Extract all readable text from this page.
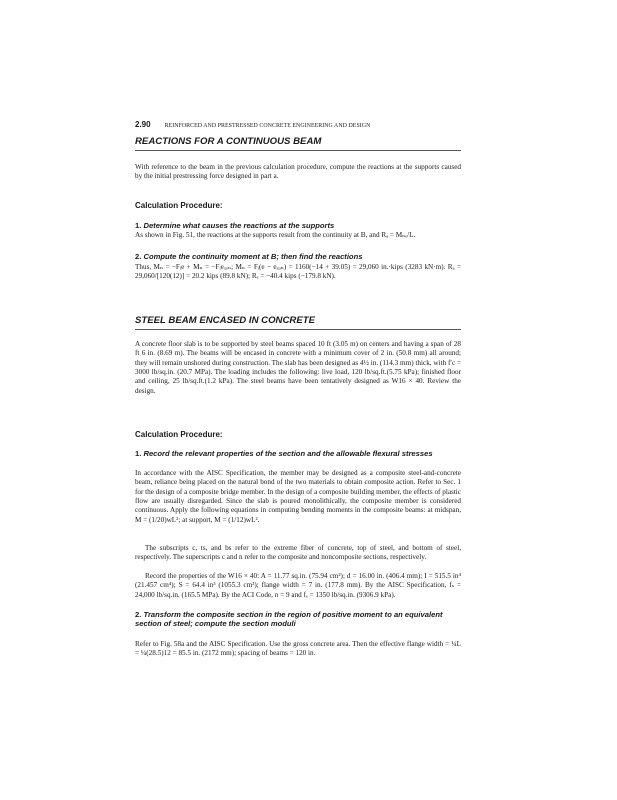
2.90 REINFORCED AND PRESTRESSED CONCRETE ENGINEERING AND DESIGN
REACTIONS FOR A CONTINUOUS BEAM

With reference to the beam in the previous calculation procedure, compute the reactions at the supports caused by the initial prestressing force designed in part a.

Calculation Procedure:
1. Determine what causes the reactions at the supports

As shown in Fig. 51, the reactions at the supports result from the continuity at B, and Rₐ = Mₙₑ/L.

2. Compute the continuity moment at B; then find the reactions

Thus, Mₙ = −Fᵢe + Mₙ = −Fᵢeₓₒₙ; Mₙ = Fᵢ(e − eₓₒₙ) = 1160(−14 + 39.05) = 29,060 in.·kips (3283 kN·m). Rₐ = 29,060/[120(12)] = 20.2 kips (89.8 kN); Rₑ = −40.4 kips (−179.8 kN).

STEEL BEAM ENCASED IN CONCRETE

A concrete floor slab is to be supported by steel beams spaced 10 ft (3.05 m) on centers and having a span of 28 ft 6 in. (8.69 m). The beams will be encased in concrete with a minimum cover of 2 in. (50.8 mm) all around; they will remain unshored during construction. The slab has been designed as 4½ in. (114.3 mm) thick, with f′c = 3000 lb/sq.in. (20.7 MPa). The loading includes the following: live load, 120 lb/sq.ft.(5.75 kPa); finished floor and ceiling, 25 lb/sq.ft.(1.2 kPa). The steel beams have been tentatively designed as W16 × 40. Review the design.

Calculation Procedure:
1. Record the relevant properties of the section and the allowable flexural stresses

In accordance with the AISC Specification, the member may be designed as a composite steel-and-concrete beam, reliance being placed on the natural bond of the two materials to obtain composite action. Refer to Sec. 1 for the design of a composite bridge member. In the design of a composite building member, the effects of plastic flow are usually disregarded. Since the slab is poured monolithically, the composite member is considered continuous. Apply the following equations in computing bending moments in the composite beams: at midspan, M = (1/20)wL²; at support, M = (1/12)wL².

The subscripts c, ts, and bs refer to the extreme fiber of concrete, top of steel, and bottom of steel, respectively. The superscripts c and n refer to the composite and noncomposite sections, respectively.

Record the properties of the W16 × 40: A = 11.77 sq.in. (75.94 cm²); d = 16.00 in. (406.4 mm); I = 515.5 in⁴ (21.457 cm⁴); S = 64.4 in³ (1055.3 cm³); flange width = 7 in. (177.8 mm). By the AISC Specification, fₛ = 24,000 lb/sq.in. (165.5 MPa). By the ACI Code, n = 9 and fₑ = 1350 lb/sq.in. (9306.9 kPa).

2. Transform the composite section in the region of positive moment to an equivalent section of steel; compute the section moduli

Refer to Fig. 58a and the AISC Specification. Use the gross concrete area. Then the effective flange width = ¼L = ¼(28.5)12 = 85.5 in. (2172 mm); spacing of beams = 120 in.
